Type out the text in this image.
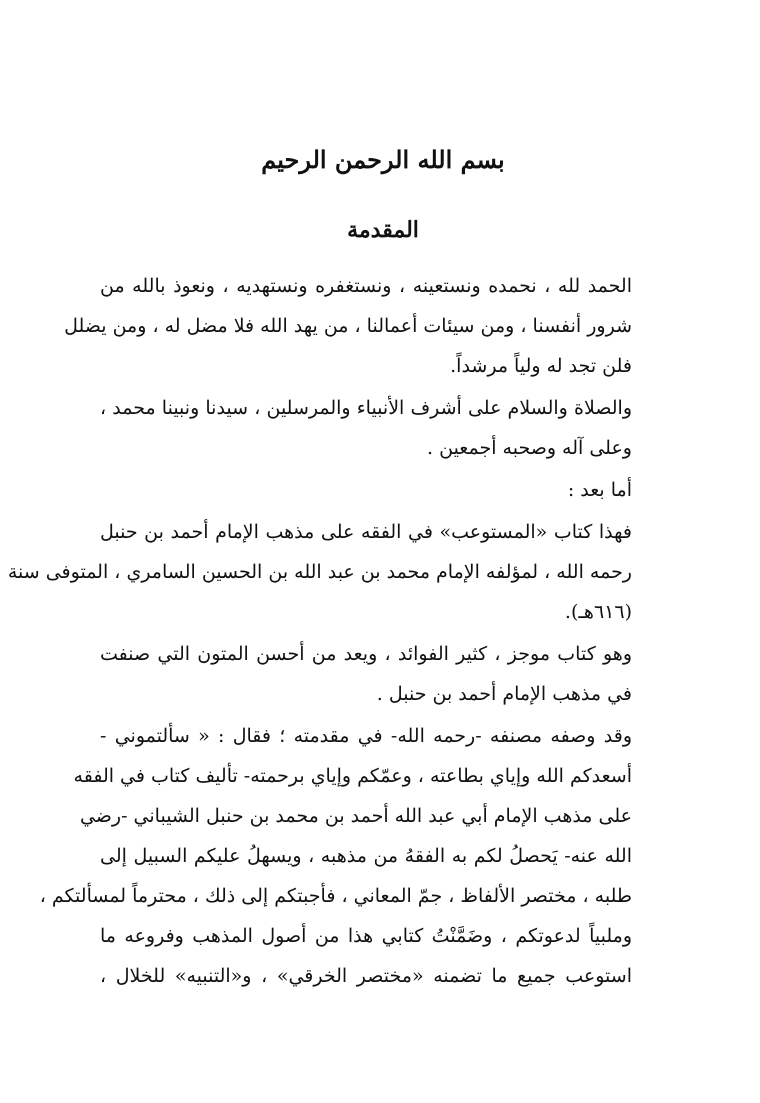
بسم الله الرحمن الرحيم
المقدمة
الحمد لله ، نحمده ونستعينه ، ونستغفره ونستهديه ، ونعوذ بالله من
شرور أنفسنا ، ومن سيئات أعمالنا ، من يهد الله فلا مضل له ، ومن يضلل
فلن تجد له ولياً مرشداً.
والصلاة والسلام على أشرف الأنبياء والمرسلين ، سيدنا ونبينا محمد ،
وعلى آله وصحبه أجمعين .
أما بعد :
فهذا كتاب «المستوعب» في الفقه على مذهب الإمام أحمد بن حنبل
رحمه الله ، لمؤلفه الإمام محمد بن عبد الله بن الحسين السامري ، المتوفى سنة
(٦١٦هـ).
وهو كتاب موجز ، كثير الفوائد ، ويعد من أحسن المتون التي صنفت
في مذهب الإمام أحمد بن حنبل .
وقد وصفه مصنفه -رحمه الله- في مقدمته ؛ فقال : « سألتموني -
أسعدكم الله وإياي بطاعته ، وعمّكم وإياي برحمته- تأليف كتاب في الفقه
على مذهب الإمام أبي عبد الله أحمد بن محمد بن حنبل الشيباني -رضي
الله عنه- يَحصلُ لكم به الفقهُ من مذهبه ، ويسهلُ عليكم السبيل إلى
طلبه ، مختصر الألفاظ ، جمّ المعاني ، فأجبتكم إلى ذلك ، محترماً لمسألتكم ،
وملبياً لدعوتكم ، وضَمَّنْتُ كتابي هذا من أصول المذهب وفروعه ما
استوعب جميع ما تضمنه «مختصر الخرقي» ، و«التنبيه» للخلال ،
